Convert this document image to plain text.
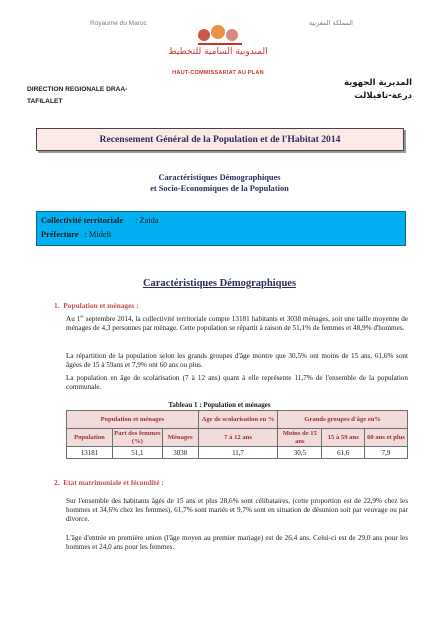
Royaume du Maroc	المملكة المغربية
المندوبية السامية للتخطيط
HAUT-COMMISSARIAT AU PLAN
DIRECTION REGIONALE DRAA-
TAFILALET
المديرية الجهوية
درعة-تافيلالت
Recensement Général de la Population et de l'Habitat 2014
Caractéristiques Démographiques
et Socio-Economiques de la Population
Collectivité territoriale : Zaida
Préfecture : Midelt
Caractéristiques Démographiques
1. Population et ménages :
Au 1er septembre 2014, la collectivité territoriale compte 13181 habitants et 3038 ménages, soit une taille moyenne de ménages de 4,3 personnes par ménage. Cette population se répartit à raison de 51,1% de femmes et 48,9% d'hommes.
La répartition de la population selon les grands groupes d'âge montre que 30,5% ont moins de 15 ans, 61,6% sont âgées de 15 à 59ans et 7,9% ont 60 ans ou plus.
La population en âge de scolarisation (7 à 12 ans) quant à elle représente 11,7% de l'ensemble de la population communale.
Tableau 1 : Population et ménages
Population et ménages			Age de scolarisation en %	Grands groupes d'âge en%		
Population	Part des femmes (%)	Ménages	7 à 12 ans	Moins de 15 ans	15 à 59 ans	60 ans et plus
13181	51,1	3038	11,7	30,5	61,6	7,9
2. Etat matrimoniale et fécondité :
Sur l'ensemble des habitants âgés de 15 ans et plus 28,6% sont célibataires, (cette proportion est de 22,9% chez les hommes et 34,6% chez les femmes), 61,7% sont mariés et 9,7% sont en situation de désunion soit par veuvage ou par divorce.
L'âge d'entrée en première union (l'âge moyen au premier mariage) est de 26,4 ans. Celui-ci est de 29,0 ans pour les hommes et 24,0 ans pour les femmes.
